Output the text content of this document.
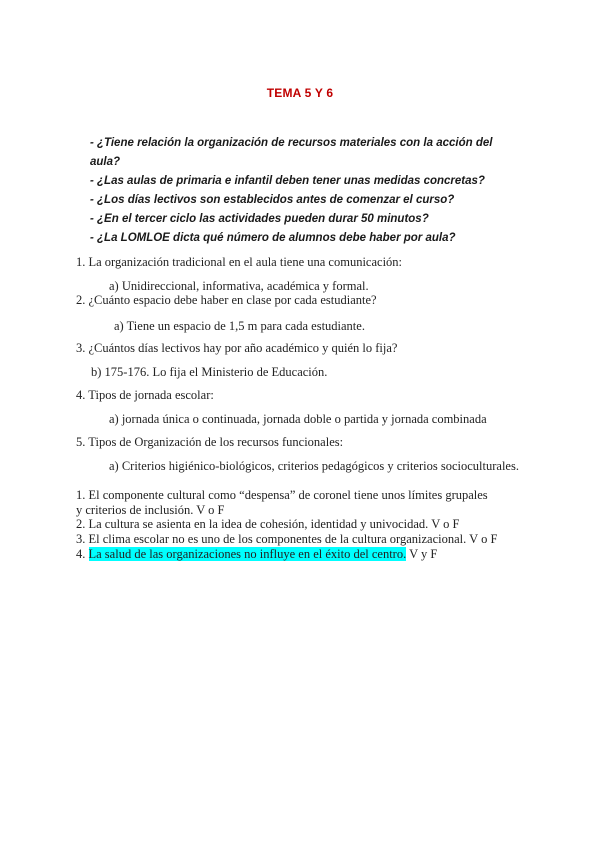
TEMA 5 Y 6
- ¿Tiene relación la organización de recursos materiales con la acción del aula?
- ¿Las aulas de primaria e infantil deben tener unas medidas concretas?
- ¿Los días lectivos son establecidos antes de comenzar el curso?
- ¿En el tercer ciclo las actividades pueden durar 50 minutos?
- ¿La LOMLOE dicta qué número de alumnos debe haber por aula?
1. La organización tradicional en el aula tiene una comunicación:
a) Unidireccional, informativa, académica y formal.
2. ¿Cuánto espacio debe haber en clase por cada estudiante?
a) Tiene un espacio de 1,5 m para cada estudiante.
3. ¿Cuántos días lectivos hay por año académico y quién lo fija?
b) 175-176. Lo fija el Ministerio de Educación.
4. Tipos de jornada escolar:
a) jornada única o continuada, jornada doble o partida y jornada combinada
5. Tipos de Organización de los recursos funcionales:
a) Criterios higiénico-biológicos, criterios pedagógicos y criterios socioculturales.
1. El componente cultural como “despensa” de coronel tiene unos límites grupales y criterios de inclusión. V o F
2. La cultura se asienta en la idea de cohesión, identidad y univocidad. V o F
3. El clima escolar no es uno de los componentes de la cultura organizacional. V o F
4. La salud de las organizaciones no influye en el éxito del centro. V y F
